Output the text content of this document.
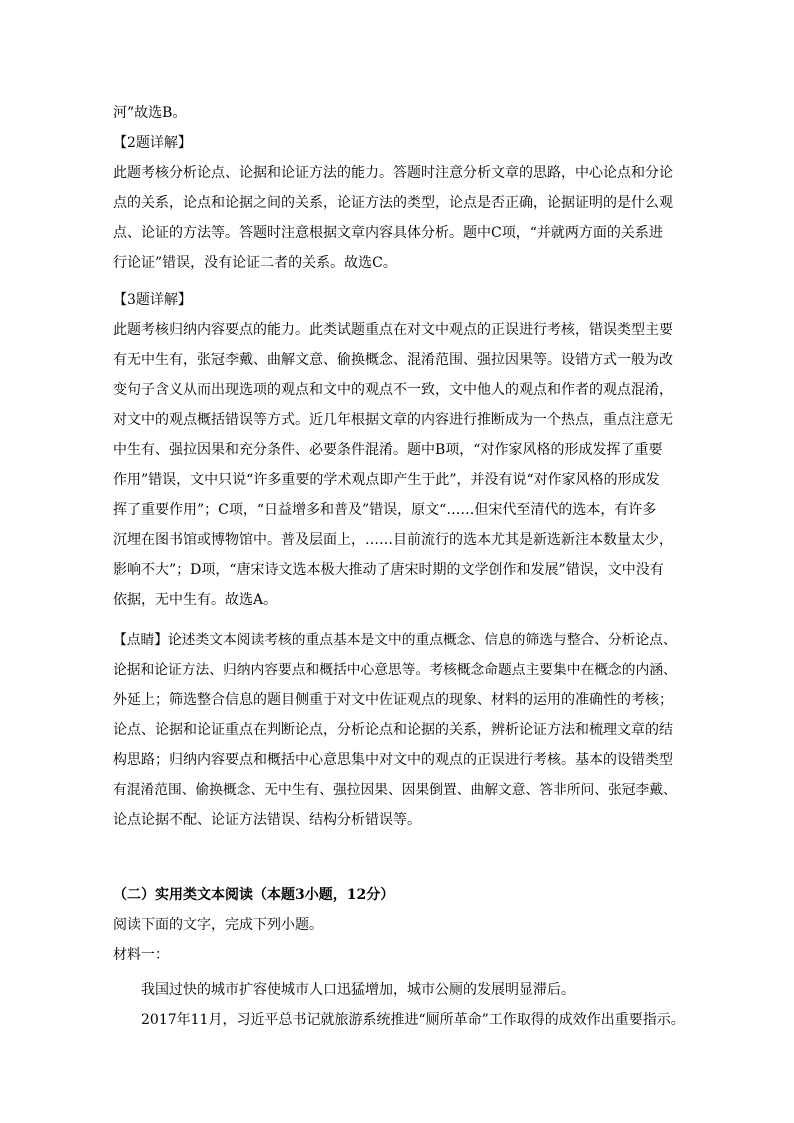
河”故选B。
【2题详解】
此题考核分析论点、论据和论证方法的能力。答题时注意分析文章的思路，中心论点和分论
点的关系，论点和论据之间的关系，论证方法的类型，论点是否正确，论据证明的是什么观
点、论证的方法等。答题时注意根据文章内容具体分析。题中C项，“并就两方面的关系进
行论证”错误，没有论证二者的关系。故选C。
【3题详解】
此题考核归纳内容要点的能力。此类试题重点在对文中观点的正误进行考核，错误类型主要
有无中生有，张冠李戴、曲解文意、偷换概念、混淆范围、强拉因果等。设错方式一般为改
变句子含义从而出现选项的观点和文中的观点不一致，文中他人的观点和作者的观点混淆，
对文中的观点概括错误等方式。近几年根据文章的内容进行推断成为一个热点，重点注意无
中生有、强拉因果和充分条件、必要条件混淆。题中B项，“对作家风格的形成发挥了重要
作用”错误，文中只说“许多重要的学术观点即产生于此”，并没有说“对作家风格的形成发
挥了重要作用”；C项，“日益增多和普及”错误，原文“……但宋代至清代的选本，有许多
沉埋在图书馆或博物馆中。普及层面上，……目前流行的选本尤其是新选新注本数量太少，
影响不大”；D项，“唐宋诗文选本极大推动了唐宋时期的文学创作和发展”错误，文中没有
依据，无中生有。故选A。
【点睛】论述类文本阅读考核的重点基本是文中的重点概念、信息的筛选与整合、分析论点、
论据和论证方法、归纳内容要点和概括中心意思等。考核概念命题点主要集中在概念的内涵、
外延上；筛选整合信息的题目侧重于对文中佐证观点的现象、材料的运用的准确性的考核；
论点、论据和论证重点在判断论点，分析论点和论据的关系，辨析论证方法和梳理文章的结
构思路；归纳内容要点和概括中心意思集中对文中的观点的正误进行考核。基本的设错类型
有混淆范围、偷换概念、无中生有、强拉因果、因果倒置、曲解文意、答非所问、张冠李戴、
论点论据不配、论证方法错误、结构分析错误等。
（二）实用类文本阅读（本题3小题，12分）
阅读下面的文字，完成下列小题。
材料一：
我国过快的城市扩容使城市人口迅猛增加，城市公厕的发展明显滞后。
2017年11月，习近平总书记就旅游系统推进“厕所革命”工作取得的成效作出重要指示。
